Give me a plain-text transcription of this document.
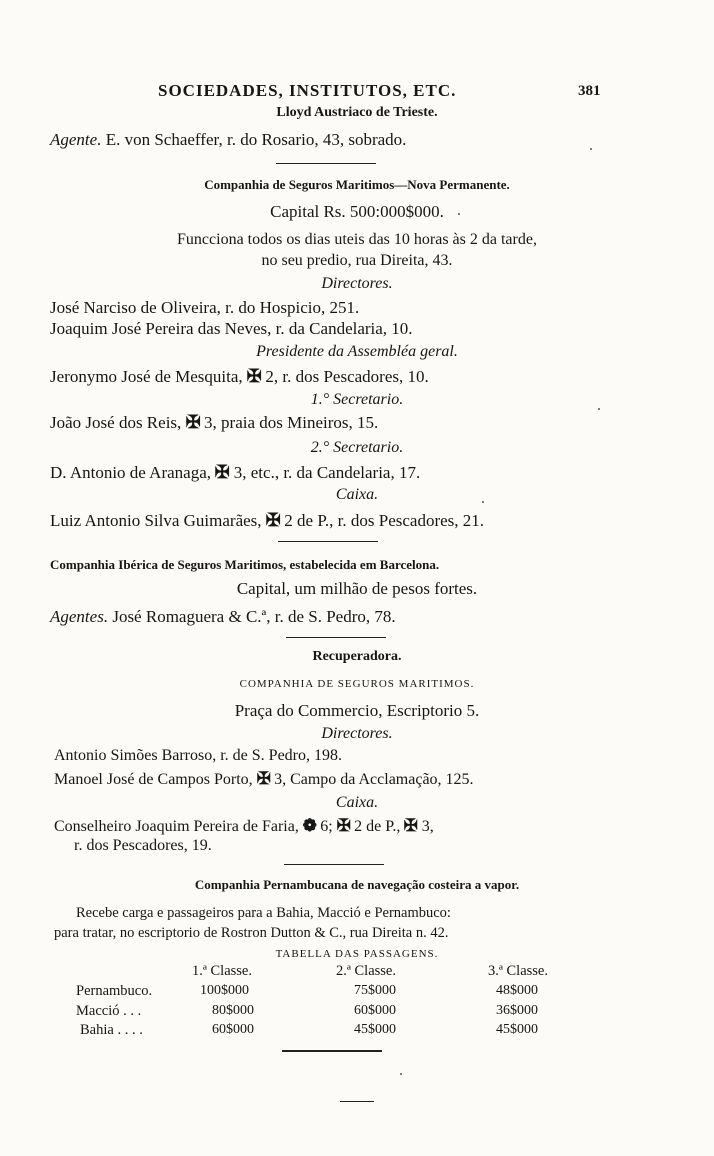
SOCIEDADES, INSTITUTOS, ETC.	381
Lloyd Austriaco de Trieste.
Agente. E. von Schaeffer, r. do Rosario, 43, sobrado.
Companhia de Seguros Maritimos—Nova Permanente.
Capital Rs. 500:000$000.
Funcciona todos os dias uteis das 10 horas às 2 da tarde,
no seu predio, rua Direita, 43.
Directores.
José Narciso de Oliveira, r. do Hospicio, 251.
Joaquim José Pereira das Neves, r. da Candelaria, 10.
Presidente da Assembléa geral.
Jeronymo José de Mesquita, ✠ 2, r. dos Pescadores, 10.
1.° Secretario.
João José dos Reis, ✠ 3, praia dos Mineiros, 15.
2.° Secretario.
D. Antonio de Aranaga, ✠ 3, etc., r. da Candelaria, 17.
Caixa.
Luiz Antonio Silva Guimarães, ✠ 2 de P., r. dos Pescadores, 21.
Companhia Ibérica de Seguros Maritimos, estabelecida em Barcelona.
Capital, um milhão de pesos fortes.
Agentes. José Romaguera & C.ª, r. de S. Pedro, 78.
Recuperadora.
COMPANHIA DE SEGUROS MARITIMOS.
Praça do Commercio, Escriptorio 5.
Directores.
Antonio Simões Barroso, r. de S. Pedro, 198.
Manoel José de Campos Porto, ✠ 3, Campo da Acclamação, 125.
Caixa.
Conselheiro Joaquim Pereira de Faria, ❁ 6; ✠ 2 de P., ✠ 3,
r. dos Pescadores, 19.
Companhia Pernambucana de navegação costeira a vapor.
Recebe carga e passageiros para a Bahia, Macció e Pernambuco:
para tratar, no escriptorio de Rostron Dutton & C., rua Direita n. 42.
TABELLA DAS PASSAGENS.
1.ª Classe.	2.ª Classe.	3.ª Classe.
Pernambuco.	100$000	75$000	48$000
Macció . . .	80$000	60$000	36$000
Bahia . . . .	60$000	45$000	45$000
